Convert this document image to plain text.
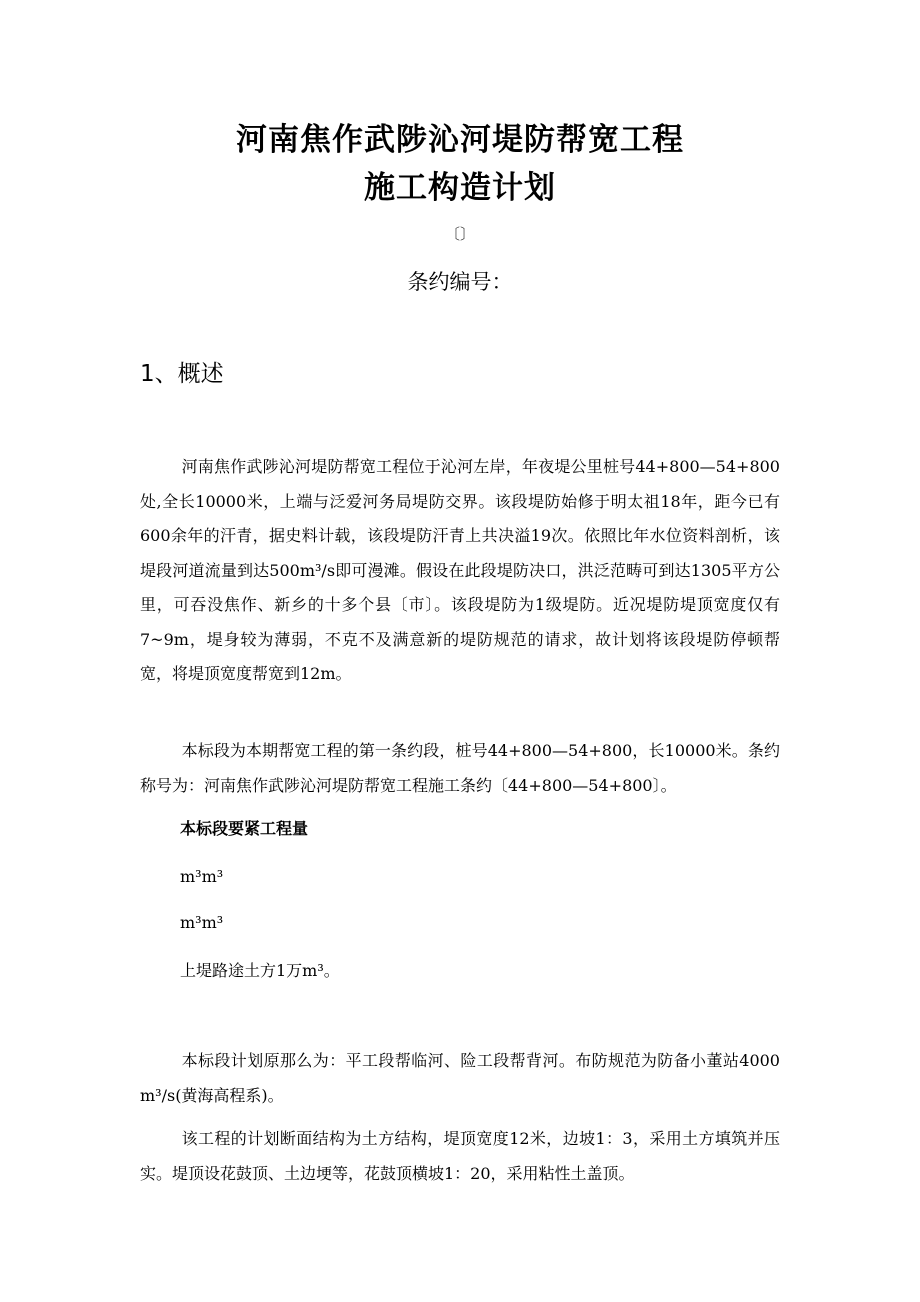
河南焦作武陟沁河堤防帮宽工程
施工构造计划
〔〕
条约编号：
1、概述

河南焦作武陟沁河堤防帮宽工程位于沁河左岸，年夜堤公里桩号44+800—54+800处,全长10000米，上端与泛爱河务局堤防交界。该段堤防始修于明太祖18年，距今已有600余年的汗青，据史料计载，该段堤防汗青上共决溢19次。依照比年水位资料剖析，该堤段河道流量到达500m³/s即可漫滩。假设在此段堤防决口，洪泛范畴可到达1305平方公里，可吞没焦作、新乡的十多个县〔市〕。该段堤防为1级堤防。近况堤防堤顶宽度仅有7~9m，堤身较为薄弱，不克不及满意新的堤防规范的请求，故计划将该段堤防停顿帮宽，将堤顶宽度帮宽到12m。

本标段为本期帮宽工程的第一条约段，桩号44+800—54+800，长10000米。条约称号为：河南焦作武陟沁河堤防帮宽工程施工条约〔44+800—54+800〕。

本标段要紧工程量
m³m³
m³m³
上堤路途土方1万m³。

本标段计划原那么为：平工段帮临河、险工段帮背河。布防规范为防备小董站4000 m³/s(黄海高程系)。

该工程的计划断面结构为土方结构，堤顶宽度12米，边坡1：3，采用土方填筑并压实。堤顶设花鼓顶、土边埂等，花鼓顶横坡1：20，采用粘性土盖顶。
